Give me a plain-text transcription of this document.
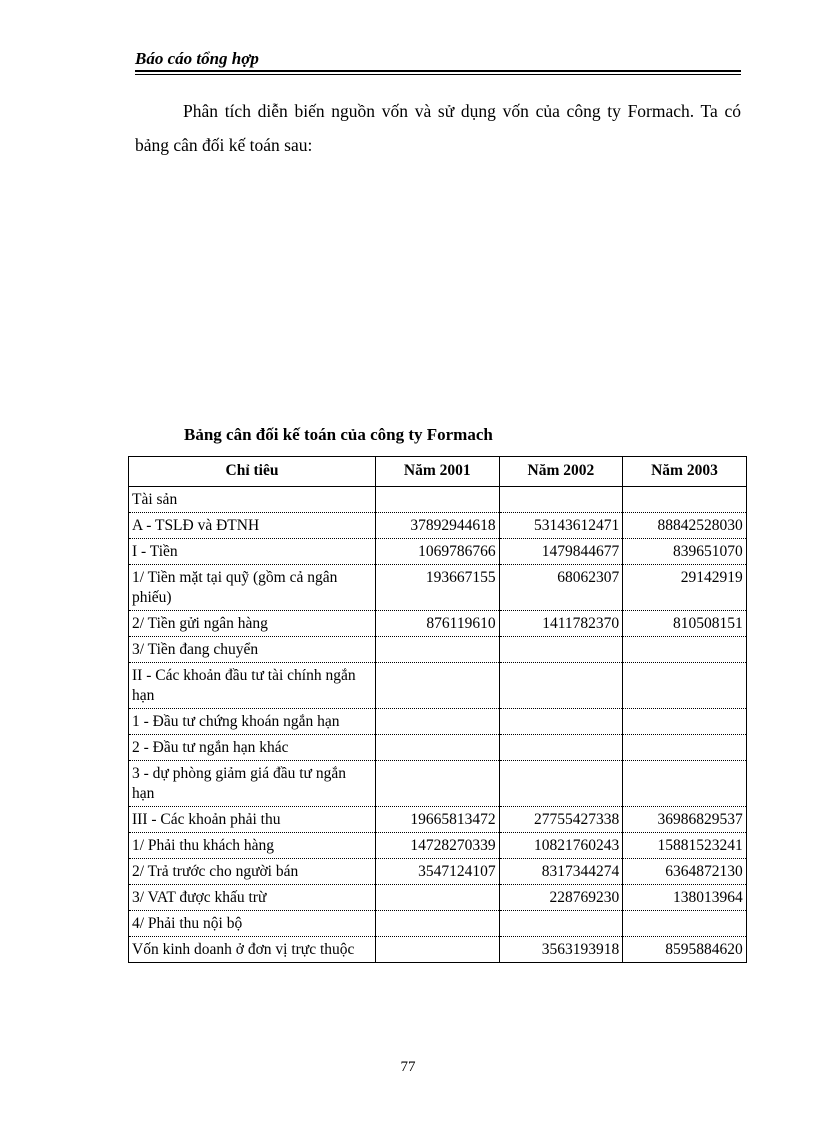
Báo cáo tổng hợp

Phân tích diễn biến nguồn vốn và sử dụng vốn của công ty Formach. Ta có bảng cân đối kế toán sau:

Bảng cân đối kế toán của công ty Formach
Chỉ tiêu	Năm 2001	Năm 2002	Năm 2003
Tài sản			
A - TSLĐ và ĐTNH	37892944618	53143612471	88842528030
I - Tiền	1069786766	1479844677	839651070
1/ Tiền mặt tại quỹ (gồm cả ngân phiếu)	193667155	68062307	29142919
2/ Tiền gửi ngân hàng	876119610	1411782370	810508151
3/ Tiền đang chuyển			
II - Các khoản đầu tư tài chính ngắn hạn			
1 - Đầu tư chứng khoán ngắn hạn			
2 - Đầu tư ngắn hạn khác			
3 - dự phòng giảm giá đầu tư ngắn hạn			
III - Các khoản phải thu	19665813472	27755427338	36986829537
1/ Phải thu khách hàng	14728270339	10821760243	15881523241
2/ Trả trước cho người bán	3547124107	8317344274	6364872130
3/ VAT được khấu trừ		228769230	138013964
4/ Phải thu nội bộ			
Vốn kinh doanh ở đơn vị trực thuộc		3563193918	8595884620
77
